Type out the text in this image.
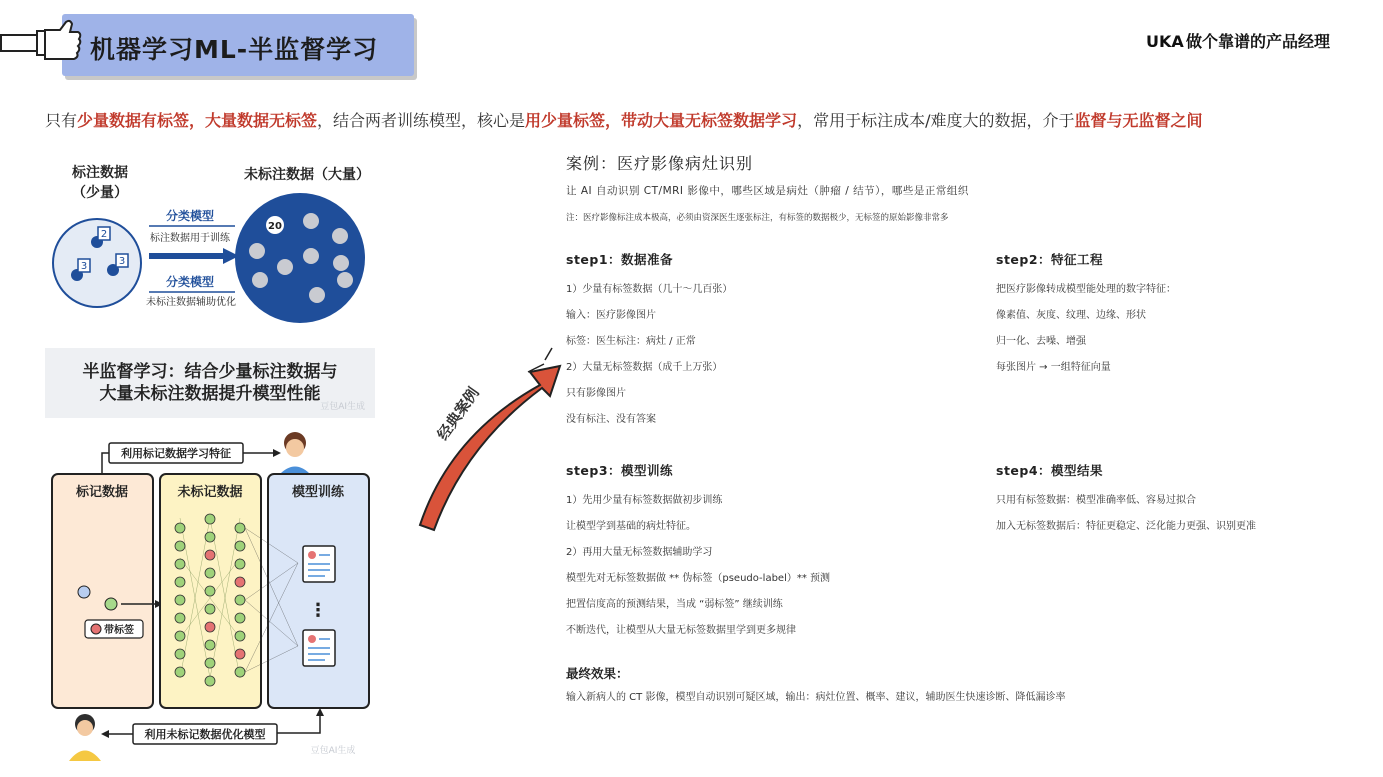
机器学习ML-半监督学习	UKA 做个靠谱的产品经理
只有少量数据有标签，大量数据无标签，结合两者训练模型，核心是用少量标签，带动大量无标签数据学习，常用于标注成本/难度大的数据，介于监督与无监督之间
标注数据
（少量）
2
3	3
分类模型
标注数据用于训练
分类模型
未标注数据辅助优化
未标注数据（大量）
20
半监督学习：结合少量标注数据与
大量未标注数据提升模型性能
豆包AI生成
利用标记数据学习特征
标记数据
带标签
未标记数据	模型训练
⋮
利用未标记数据优化模型
豆包AI生成
经典案例
案例：医疗影像病灶识别
让 AI 自动识别 CT/MRI 影像中，哪些区域是病灶（肿瘤 / 结节），哪些是正常组织
注：医疗影像标注成本极高，必须由资深医生逐张标注，有标签的数据极少，无标签的原始影像非常多
step1：数据准备
1）少量有标签数据（几十～几百张）
输入：医疗影像图片
标签：医生标注：病灶 / 正常
2）大量无标签数据（成千上万张）
只有影像图片
没有标注、没有答案
step2：特征工程
把医疗影像转成模型能处理的数字特征：
像素值、灰度、纹理、边缘、形状
归一化、去噪、增强
每张图片 → 一组特征向量
step3：模型训练
1）先用少量有标签数据做初步训练
让模型学到基础的病灶特征。
2）再用大量无标签数据辅助学习
模型先对无标签数据做 ** 伪标签（pseudo-label）** 预测
把置信度高的预测结果，当成 “弱标签” 继续训练
不断迭代，让模型从大量无标签数据里学到更多规律
step4：模型结果
只用有标签数据：模型准确率低、容易过拟合
加入无标签数据后：特征更稳定、泛化能力更强、识别更准
最终效果：
输入新病人的 CT 影像，模型自动识别可疑区域，输出：病灶位置、概率、建议，辅助医生快速诊断、降低漏诊率
